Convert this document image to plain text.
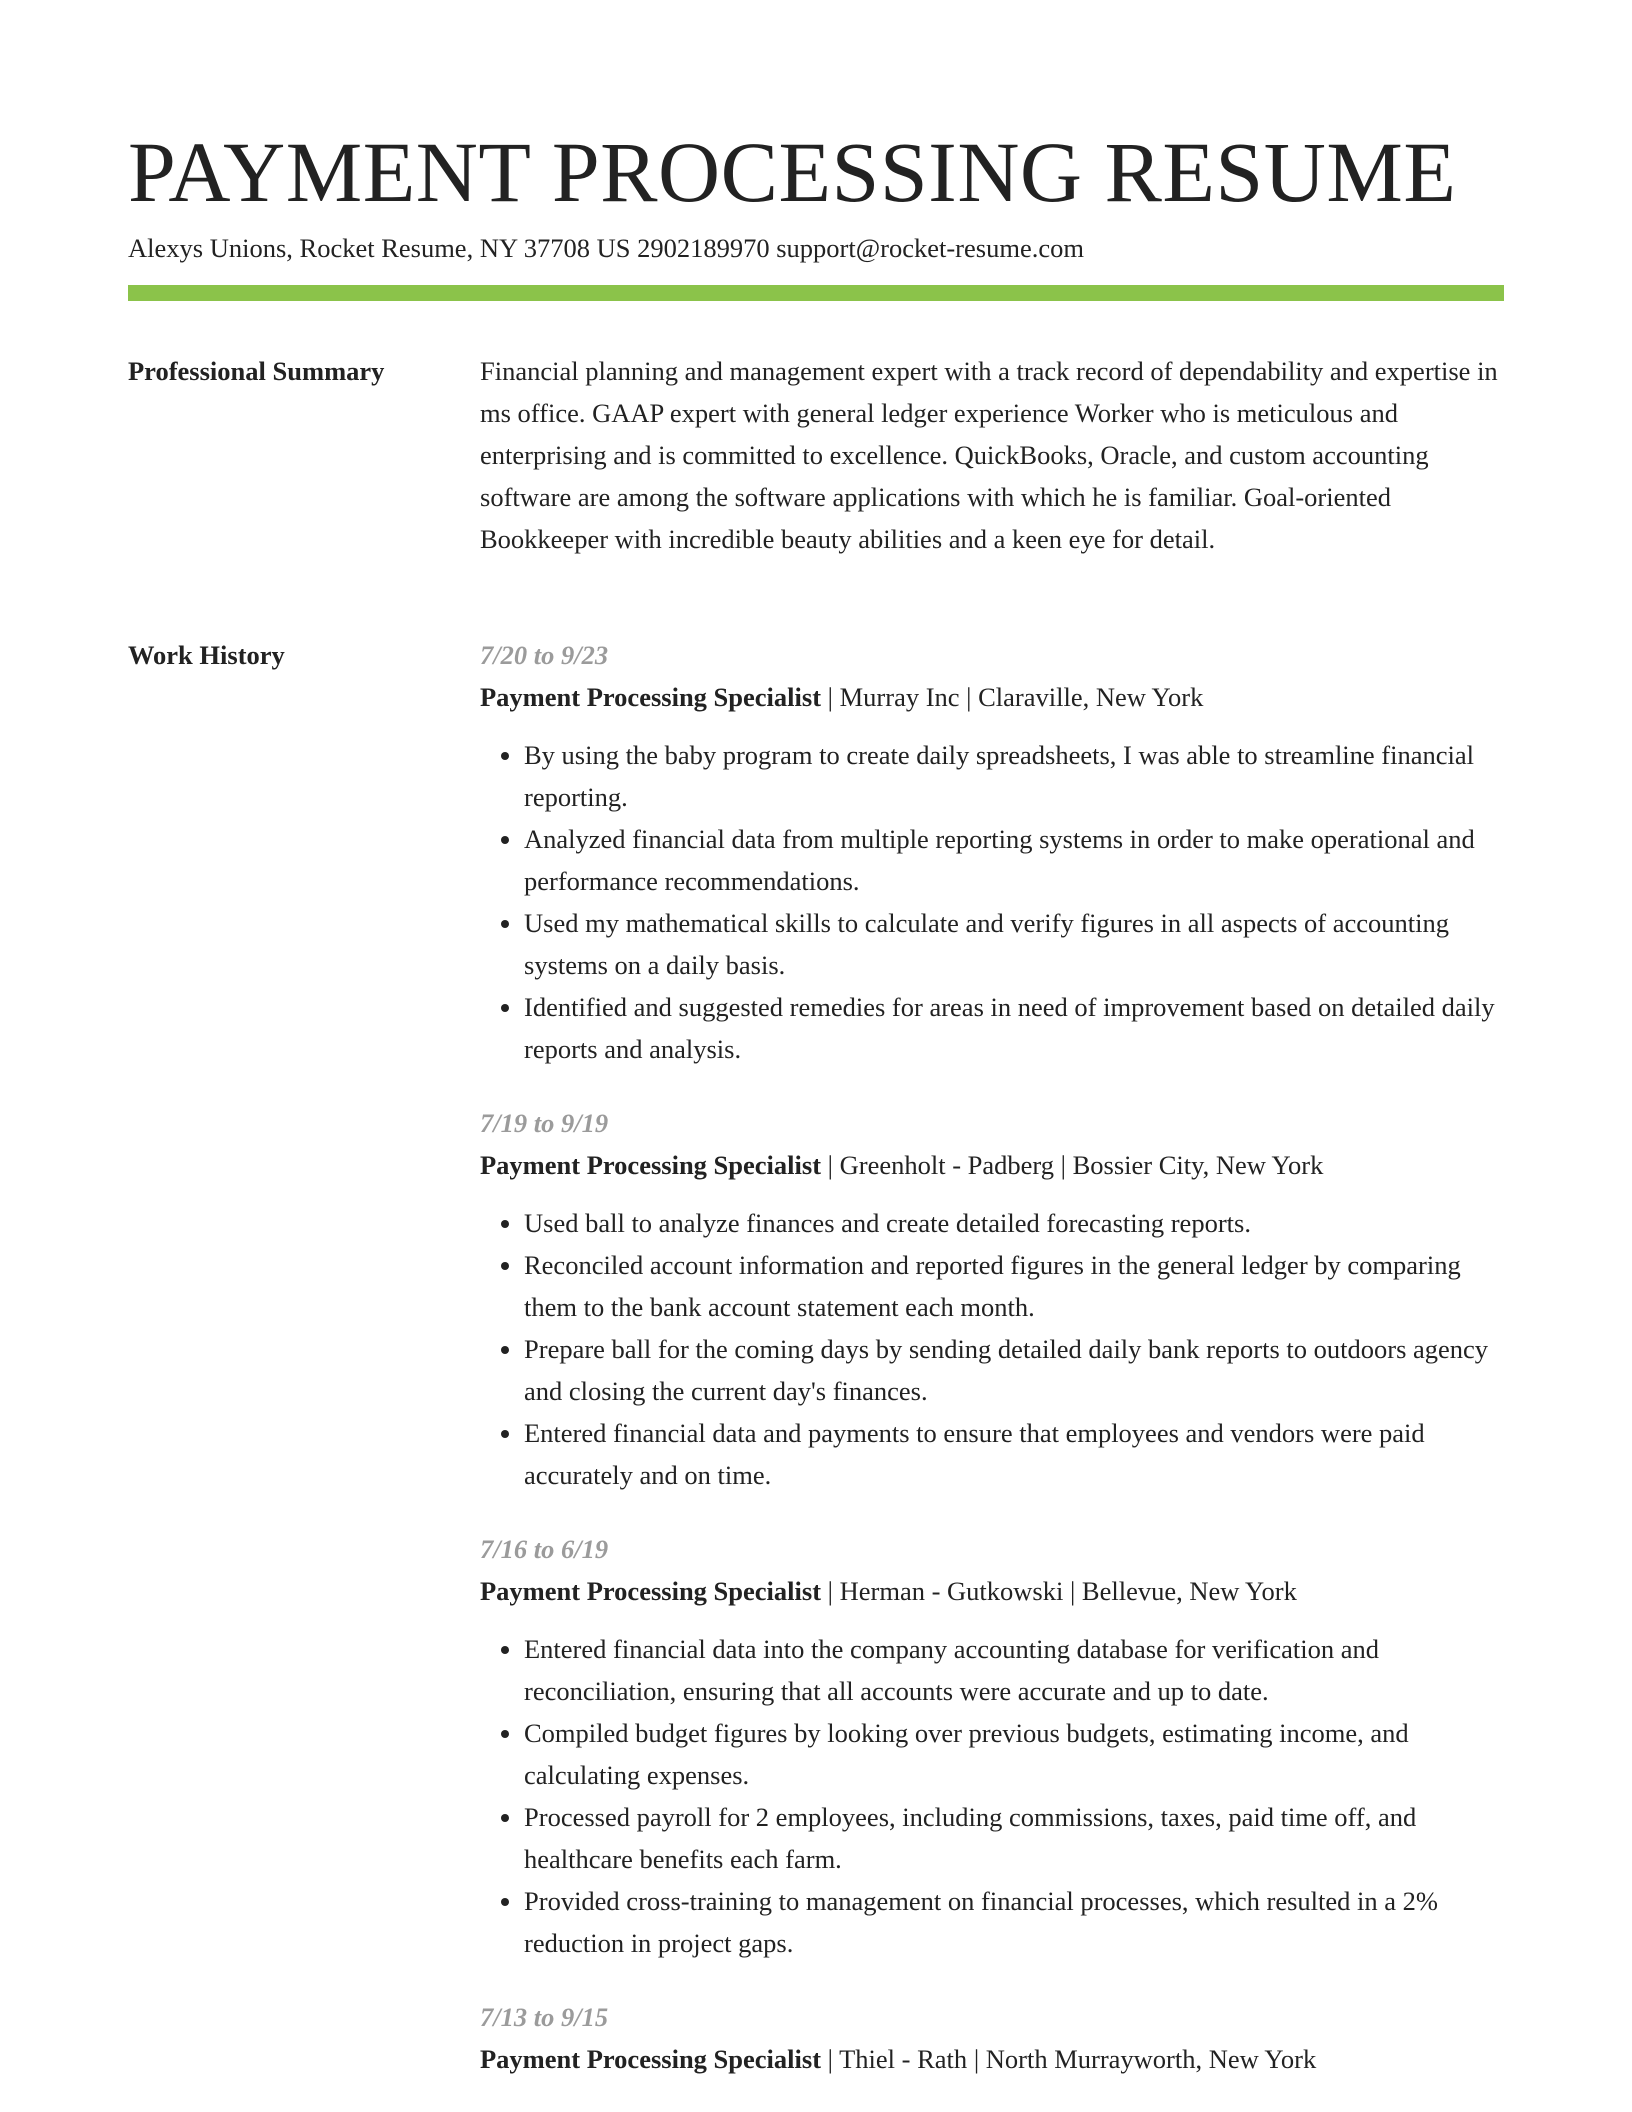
PAYMENT PROCESSING RESUME
Alexys Unions, Rocket Resume, NY 37708 US 2902189970 support@rocket-resume.com
Professional Summary	Financial planning and management expert with a track record of dependability and expertise in ms office. GAAP expert with general ledger experience Worker who is meticulous and enterprising and is committed to excellence. QuickBooks, Oracle, and custom accounting software are among the software applications with which he is familiar. Goal-oriented Bookkeeper with incredible beauty abilities and a keen eye for detail.

Work History	7/20 to 9/23
Payment Processing Specialist | Murray Inc | Claraville, New York
• By using the baby program to create daily spreadsheets, I was able to streamline financial reporting.
• Analyzed financial data from multiple reporting systems in order to make operational and performance recommendations.
• Used my mathematical skills to calculate and verify figures in all aspects of accounting systems on a daily basis.
• Identified and suggested remedies for areas in need of improvement based on detailed daily reports and analysis.
7/19 to 9/19
Payment Processing Specialist | Greenholt - Padberg | Bossier City, New York
• Used ball to analyze finances and create detailed forecasting reports.
• Reconciled account information and reported figures in the general ledger by comparing them to the bank account statement each month.
• Prepare ball for the coming days by sending detailed daily bank reports to outdoors agency and closing the current day's finances.
• Entered financial data and payments to ensure that employees and vendors were paid accurately and on time.
7/16 to 6/19
Payment Processing Specialist | Herman - Gutkowski | Bellevue, New York
• Entered financial data into the company accounting database for verification and reconciliation, ensuring that all accounts were accurate and up to date.
• Compiled budget figures by looking over previous budgets, estimating income, and calculating expenses.
• Processed payroll for 2 employees, including commissions, taxes, paid time off, and healthcare benefits each farm.
• Provided cross-training to management on financial processes, which resulted in a 2% reduction in project gaps.
7/13 to 9/15
Payment Processing Specialist | Thiel - Rath | North Murrayworth, New York
